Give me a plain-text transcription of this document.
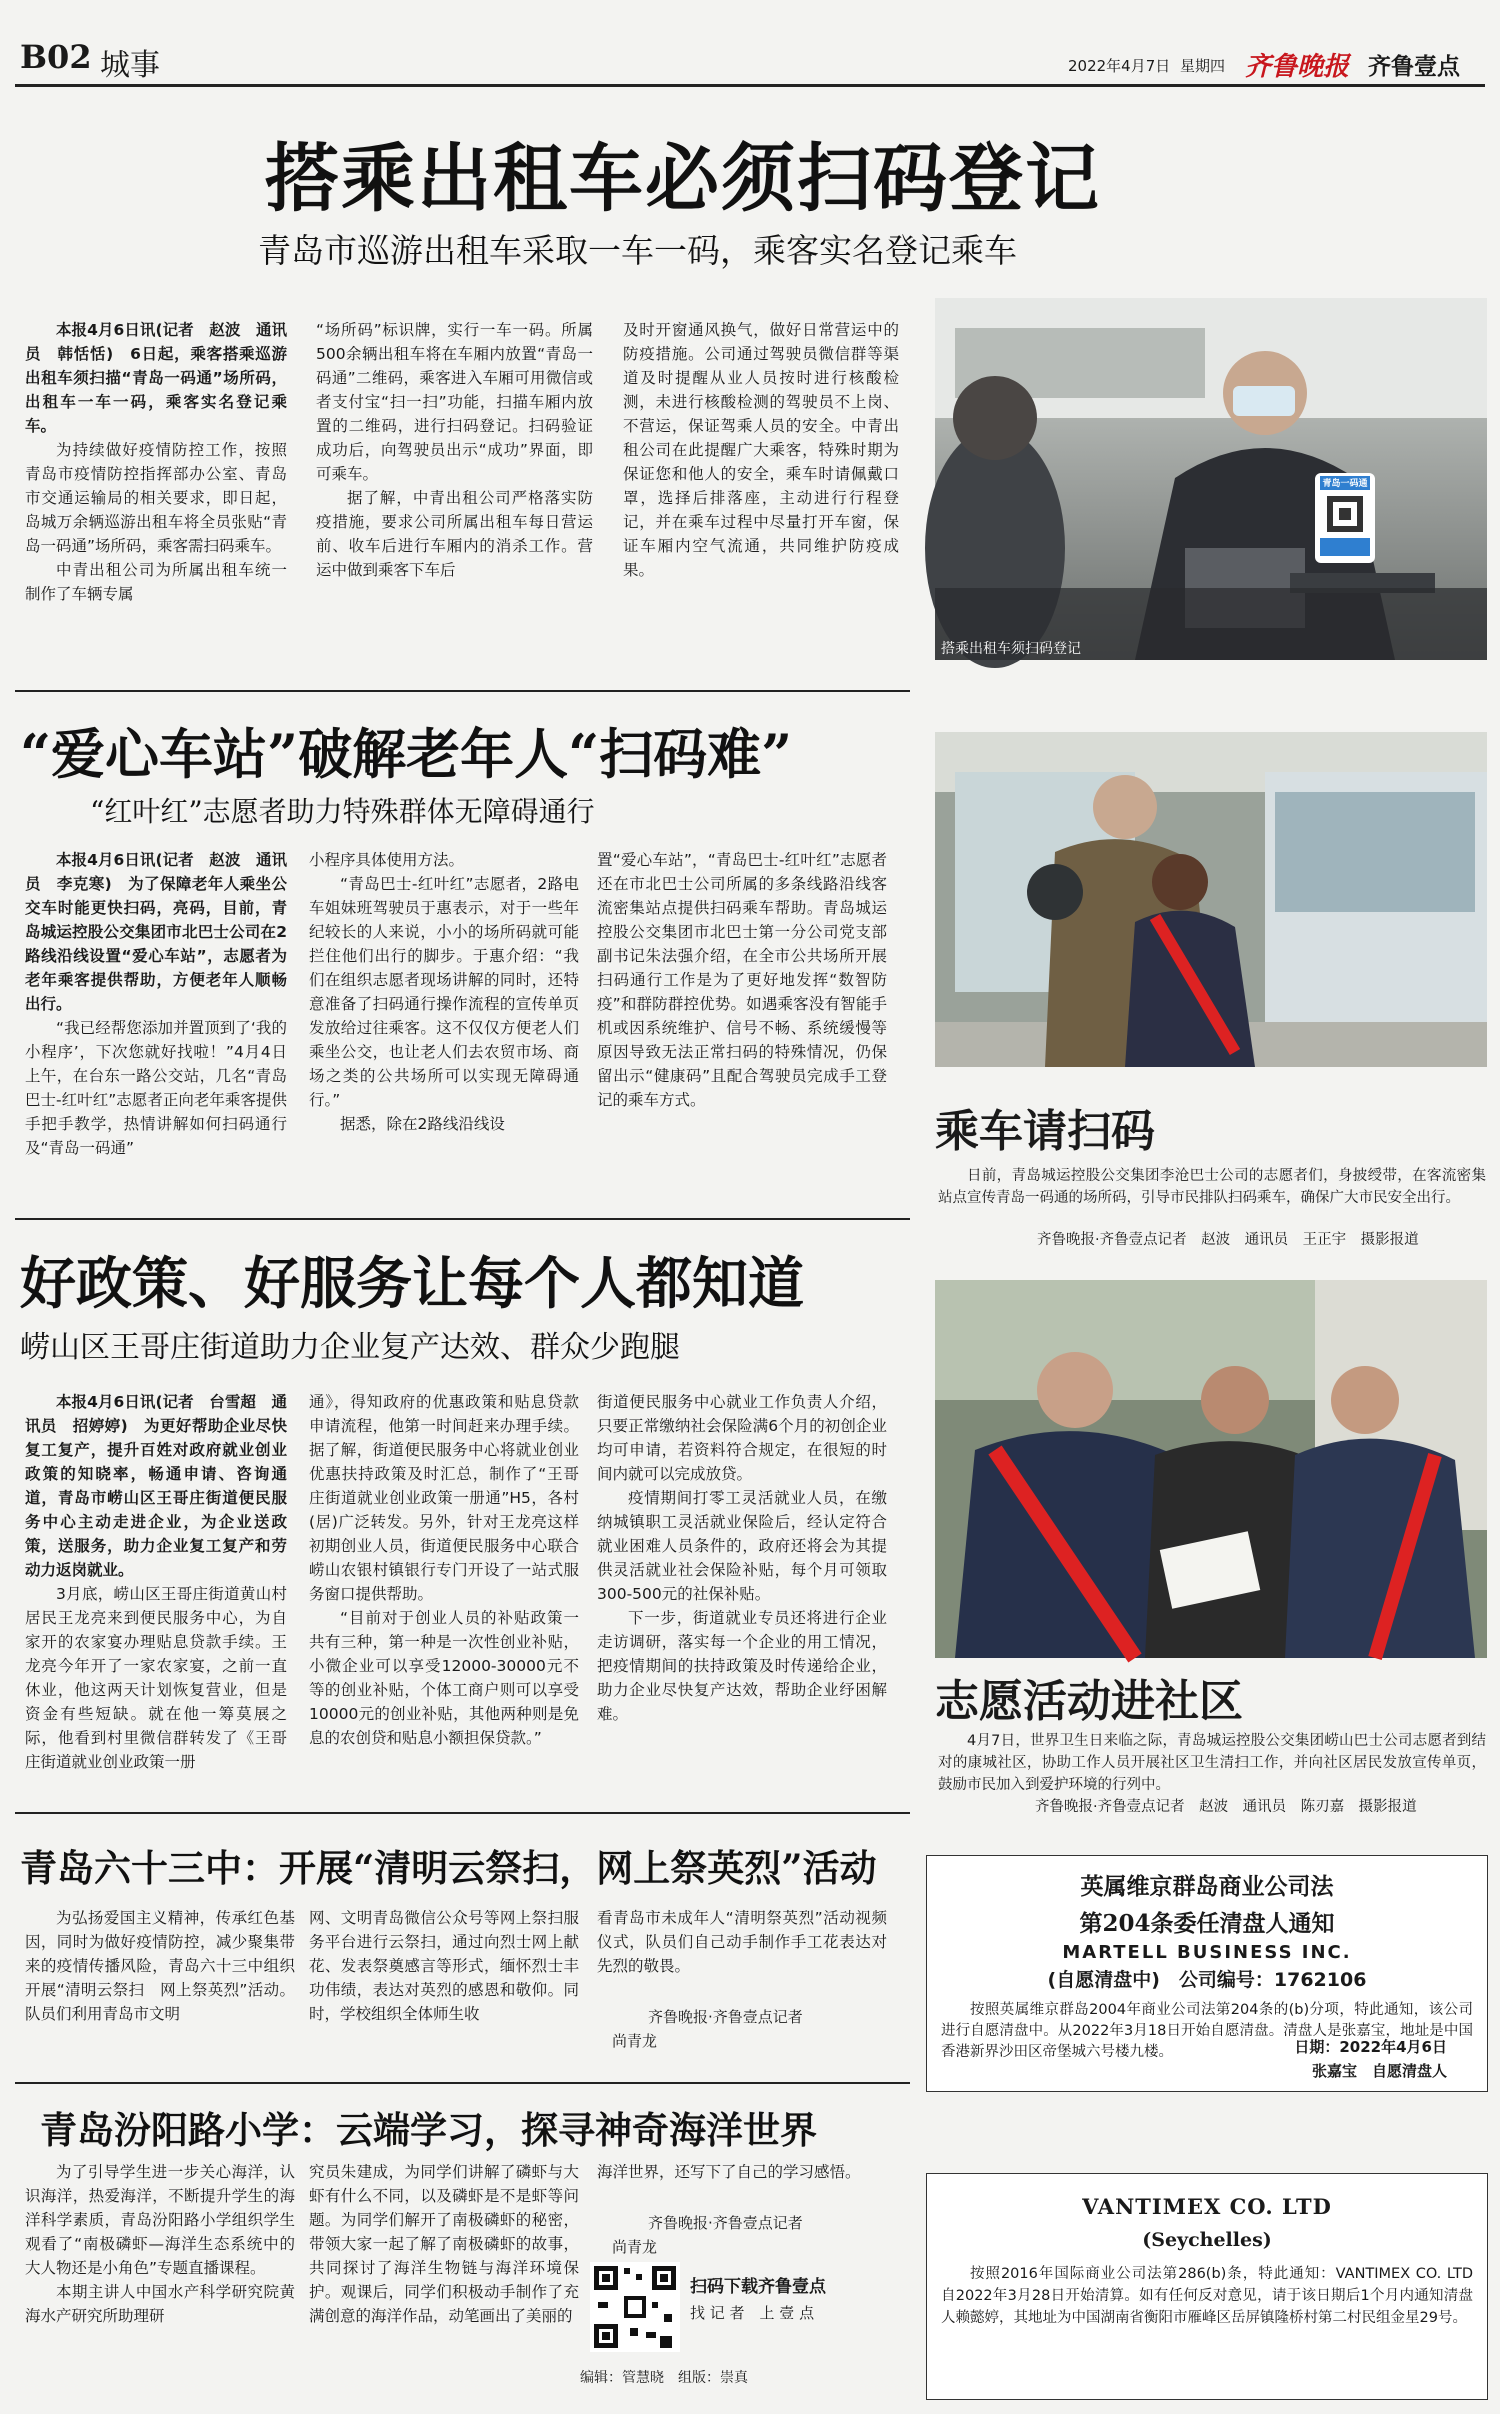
B02 城事	2022年4月7日 星期四 齐鲁晚报 齐鲁壹点
搭乘出租车必须扫码登记
青岛市巡游出租车采取一车一码，乘客实名登记乘车

本报4月6日讯(记者　赵波　通讯员　韩恬恬)　6日起，乘客搭乘巡游出租车须扫描“青岛一码通”场所码，出租车一车一码，乘客实名登记乘车。

为持续做好疫情防控工作，按照青岛市疫情防控指挥部办公室、青岛市交通运输局的相关要求，即日起，岛城万余辆巡游出租车将全员张贴“青岛一码通”场所码，乘客需扫码乘车。

中青出租公司为所属出租车统一制作了车辆专属

“场所码”标识牌，实行一车一码。所属500余辆出租车将在车厢内放置“青岛一码通”二维码，乘客进入车厢可用微信或者支付宝“扫一扫”功能，扫描车厢内放置的二维码，进行扫码登记。扫码验证成功后，向驾驶员出示“成功”界面，即可乘车。

据了解，中青出租公司严格落实防疫措施，要求公司所属出租车每日营运前、收车后进行车厢内的消杀工作。营运中做到乘客下车后

及时开窗通风换气，做好日常营运中的防疫措施。公司通过驾驶员微信群等渠道及时提醒从业人员按时进行核酸检测，未进行核酸检测的驾驶员不上岗、不营运，保证驾乘人员的安全。中青出租公司在此提醒广大乘客，特殊时期为保证您和他人的安全，乘车时请佩戴口罩，选择后排落座，主动进行行程登记，并在乘车过程中尽量打开车窗，保证车厢内空气流通，共同维护防疫成果。

青岛一码通
搭乘出租车须扫码登记
“爱心车站”破解老年人“扫码难”
“红叶红”志愿者助力特殊群体无障碍通行

本报4月6日讯(记者　赵波　通讯员　李克寒)　为了保障老年人乘坐公交车时能更快扫码，亮码，目前，青岛城运控股公交集团市北巴士公司在2路线沿线设置“爱心车站”，志愿者为老年乘客提供帮助，方便老年人顺畅出行。

“我已经帮您添加并置顶到了‘我的小程序’，下次您就好找啦！”4月4日上午，在台东一路公交站，几名“青岛巴士-红叶红”志愿者正向老年乘客提供手把手教学，热情讲解如何扫码通行及“青岛一码通”

小程序具体使用方法。

“青岛巴士-红叶红”志愿者，2路电车姐妹班驾驶员于惠表示，对于一些年纪较长的人来说，小小的场所码就可能拦住他们出行的脚步。于惠介绍：“我们在组织志愿者现场讲解的同时，还特意准备了扫码通行操作流程的宣传单页发放给过往乘客。这不仅仅方便老人们乘坐公交，也让老人们去农贸市场、商场之类的公共场所可以实现无障碍通行。”

据悉，除在2路线沿线设

置“爱心车站”，“青岛巴士-红叶红”志愿者还在市北巴士公司所属的多条线路沿线客流密集站点提供扫码乘车帮助。青岛城运控股公交集团市北巴士第一分公司党支部副书记朱法强介绍，在全市公共场所开展扫码通行工作是为了更好地发挥“数智防疫”和群防群控优势。如遇乘客没有智能手机或因系统维护、信号不畅、系统缓慢等原因导致无法正常扫码的特殊情况，仍保留出示“健康码”且配合驾驶员完成手工登记的乘车方式。

乘车请扫码
日前，青岛城运控股公交集团李沧巴士公司的志愿者们，身披绶带，在客流密集站点宣传青岛一码通的场所码，引导市民排队扫码乘车，确保广大市民安全出行。
齐鲁晚报·齐鲁壹点记者　赵波　通讯员　王正宇　摄影报道
好政策、好服务让每个人都知道
崂山区王哥庄街道助力企业复产达效、群众少跑腿

本报4月6日讯(记者　台雪超　通讯员　招婷婷)　为更好帮助企业尽快复工复产，提升百姓对政府就业创业政策的知晓率，畅通申请、咨询通道，青岛市崂山区王哥庄街道便民服务中心主动走进企业，为企业送政策，送服务，助力企业复工复产和劳动力返岗就业。

3月底，崂山区王哥庄街道黄山村居民王龙亮来到便民服务中心，为自家开的农家宴办理贴息贷款手续。王龙亮今年开了一家农家宴，之前一直休业，他这两天计划恢复营业，但是资金有些短缺。就在他一筹莫展之际，他看到村里微信群转发了《王哥庄街道就业创业政策一册

通》，得知政府的优惠政策和贴息贷款申请流程，他第一时间赶来办理手续。据了解，街道便民服务中心将就业创业优惠扶持政策及时汇总，制作了“王哥庄街道就业创业政策一册通”H5，各村(居)广泛转发。另外，针对王龙亮这样初期创业人员，街道便民服务中心联合崂山农银村镇银行专门开设了一站式服务窗口提供帮助。

“目前对于创业人员的补贴政策一共有三种，第一种是一次性创业补贴，小微企业可以享受12000-30000元不等的创业补贴，个体工商户则可以享受10000元的创业补贴，其他两种则是免息的农创贷和贴息小额担保贷款。”

街道便民服务中心就业工作负责人介绍，只要正常缴纳社会保险满6个月的初创企业均可申请，若资料符合规定，在很短的时间内就可以完成放贷。

疫情期间打零工灵活就业人员，在缴纳城镇职工灵活就业保险后，经认定符合就业困难人员条件的，政府还将会为其提供灵活就业社会保险补贴，每个月可领取300-500元的社保补贴。

下一步，街道就业专员还将进行企业走访调研，落实每一个企业的用工情况，把疫情期间的扶持政策及时传递给企业，助力企业尽快复产达效，帮助企业纾困解难。	志愿活动进社区
4月7日，世界卫生日来临之际，青岛城运控股公交集团崂山巴士公司志愿者到结对的康城社区，协助工作人员开展社区卫生清扫工作，并向社区居民发放宣传单页，鼓励市民加入到爱护环境的行列中。
齐鲁晚报·齐鲁壹点记者　赵波　通讯员　陈刃嘉　摄影报道
青岛六十三中：开展“清明云祭扫，网上祭英烈”活动

为弘扬爱国主义精神，传承红色基因，同时为做好疫情防控，减少聚集带来的疫情传播风险，青岛六十三中组织开展“清明云祭扫　网上祭英烈”活动。队员们利用青岛市文明

网、文明青岛微信公众号等网上祭扫服务平台进行云祭扫，通过向烈士网上献花、发表祭奠感言等形式，缅怀烈士丰功伟绩，表达对英烈的感恩和敬仰。同时，学校组织全体师生收

看青岛市未成年人“清明祭英烈”活动视频仪式，队员们自己动手制作手工花表达对先烈的敬畏。

齐鲁晚报·齐鲁壹点记者
尚青龙
青岛汾阳路小学：云端学习，探寻神奇海洋世界

为了引导学生进一步关心海洋，认识海洋，热爱海洋，不断提升学生的海洋科学素质，青岛汾阳路小学组织学生观看了“南极磷虾—海洋生态系统中的大人物还是小角色”专题直播课程。

本期主讲人中国水产科学研究院黄海水产研究所助理研

究员朱建成，为同学们讲解了磷虾与大虾有什么不同，以及磷虾是不是虾等问题。为同学们解开了南极磷虾的秘密，带领大家一起了解了南极磷虾的故事，共同探讨了海洋生物链与海洋环境保护。观课后，同学们积极动手制作了充满创意的海洋作品，动笔画出了美丽的

海洋世界，还写下了自己的学习感悟。

齐鲁晚报·齐鲁壹点记者
尚青龙
扫码下载齐鲁壹点
找 记 者　上 壹 点
编辑：管慧晓　组版：崇真
英属维京群岛商业公司法
第204条委任清盘人通知
MARTELL BUSINESS INC.
(自愿清盘中)　公司编号：1762106
按照英属维京群岛2004年商业公司法第204条的(b)分项，特此通知，该公司进行自愿清盘中。从2022年3月18日开始自愿清盘。清盘人是张嘉宝，地址是中国香港新界沙田区帝堡城六号楼九楼。	日期：2022年4月6日
张嘉宝　自愿清盘人
VANTIMEX CO. LTD
(Seychelles)
按照2016年国际商业公司法第286(b)条，特此通知：VANTIMEX CO. LTD　自2022年3月28日开始清算。如有任何反对意见，请于该日期后1个月内通知清盘人赖懿婷，其地址为中国湖南省衡阳市雁峰区岳屏镇隆桥村第二村民组金星29号。
